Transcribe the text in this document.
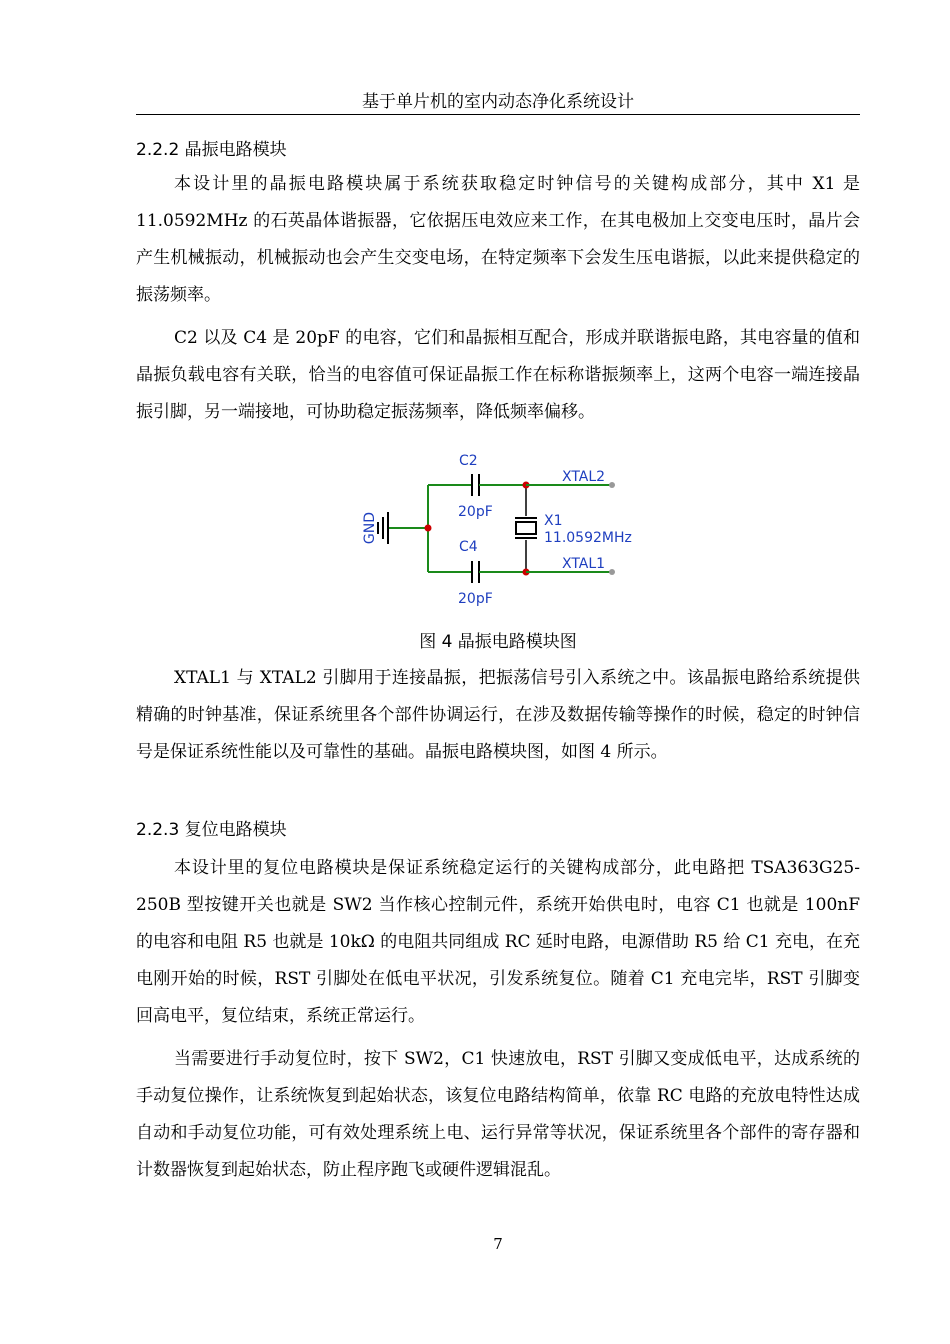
基于单片机的室内动态净化系统设计
2.2.2 晶振电路模块

本设计里的晶振电路模块属于系统获取稳定时钟信号的关键构成部分，其中 X1 是 11.0592MHz 的石英晶体谐振器，它依据压电效应来工作，在其电极加上交变电压时，晶片会产生机械振动，机械振动也会产生交变电场，在特定频率下会发生压电谐振，以此来提供稳定的振荡频率。

C2 以及 C4 是 20pF 的电容，它们和晶振相互配合，形成并联谐振电路，其电容量的值和晶振负载电容有关联，恰当的电容值可保证晶振工作在标称谐振频率上，这两个电容一端连接晶振引脚，另一端接地，可协助稳定振荡频率，降低频率偏移。

GND
C2
20pF
C4
20pF
X1
11.0592MHz
XTAL2
XTAL1
图 4 晶振电路模块图

XTAL1 与 XTAL2 引脚用于连接晶振，把振荡信号引入系统之中。该晶振电路给系统提供精确的时钟基准，保证系统里各个部件协调运行，在涉及数据传输等操作的时候，稳定的时钟信号是保证系统性能以及可靠性的基础。晶振电路模块图，如图 4 所示。

2.2.3 复位电路模块

本设计里的复位电路模块是保证系统稳定运行的关键构成部分，此电路把 TSA363G25-250B 型按键开关也就是 SW2 当作核心控制元件，系统开始供电时，电容 C1 也就是 100nF 的电容和电阻 R5 也就是 10kΩ 的电阻共同组成 RC 延时电路，电源借助 R5 给 C1 充电，在充电刚开始的时候，RST 引脚处在低电平状况，引发系统复位。随着 C1 充电完毕，RST 引脚变回高电平，复位结束，系统正常运行。

当需要进行手动复位时，按下 SW2，C1 快速放电，RST 引脚又变成低电平，达成系统的手动复位操作，让系统恢复到起始状态，该复位电路结构简单，依靠 RC 电路的充放电特性达成自动和手动复位功能，可有效处理系统上电、运行异常等状况，保证系统里各个部件的寄存器和计数器恢复到起始状态，防止程序跑飞或硬件逻辑混乱。

7
